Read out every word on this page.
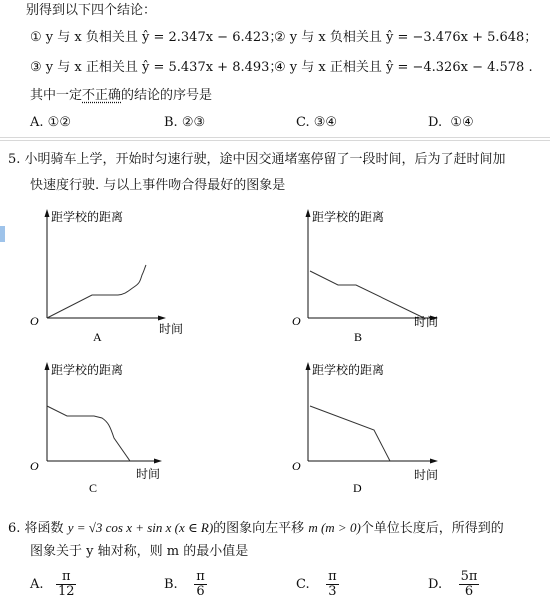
别得到以下四个结论：
① y 与 x 负相关且 ŷ = 2.347x − 6.423；
② y 与 x 负相关且 ŷ = −3.476x + 5.648；
③ y 与 x 正相关且 ŷ = 5.437x + 8.493；
④ y 与 x 正相关且 ŷ = −4.326x − 4.578 .
其中一定不正确的结论的序号是
A. ①②	B. ②③	C. ③④	D. ①④
5. 小明骑车上学，开始时匀速行驶，途中因交通堵塞停留了一段时间，后为了赶时间加
快速度行驶. 与以上事件吻合得最好的图象是
O
距学校的距离
时间
A
O
距学校的距离
时间
B
O
距学校的距离
时间
C
O
距学校的距离
时间
D
6. 将函数 y = √3 cos x + sin x (x ∈ R)的图象向左平移 m (m > 0)个单位长度后，所得到的
图象关于 y 轴对称，则 m 的最小值是
A. $\frac{\pi}{12}$	B. $\frac{\pi}{6}$	C. $\frac{\pi}{3}$	D. $\frac{5\pi}{6}$
